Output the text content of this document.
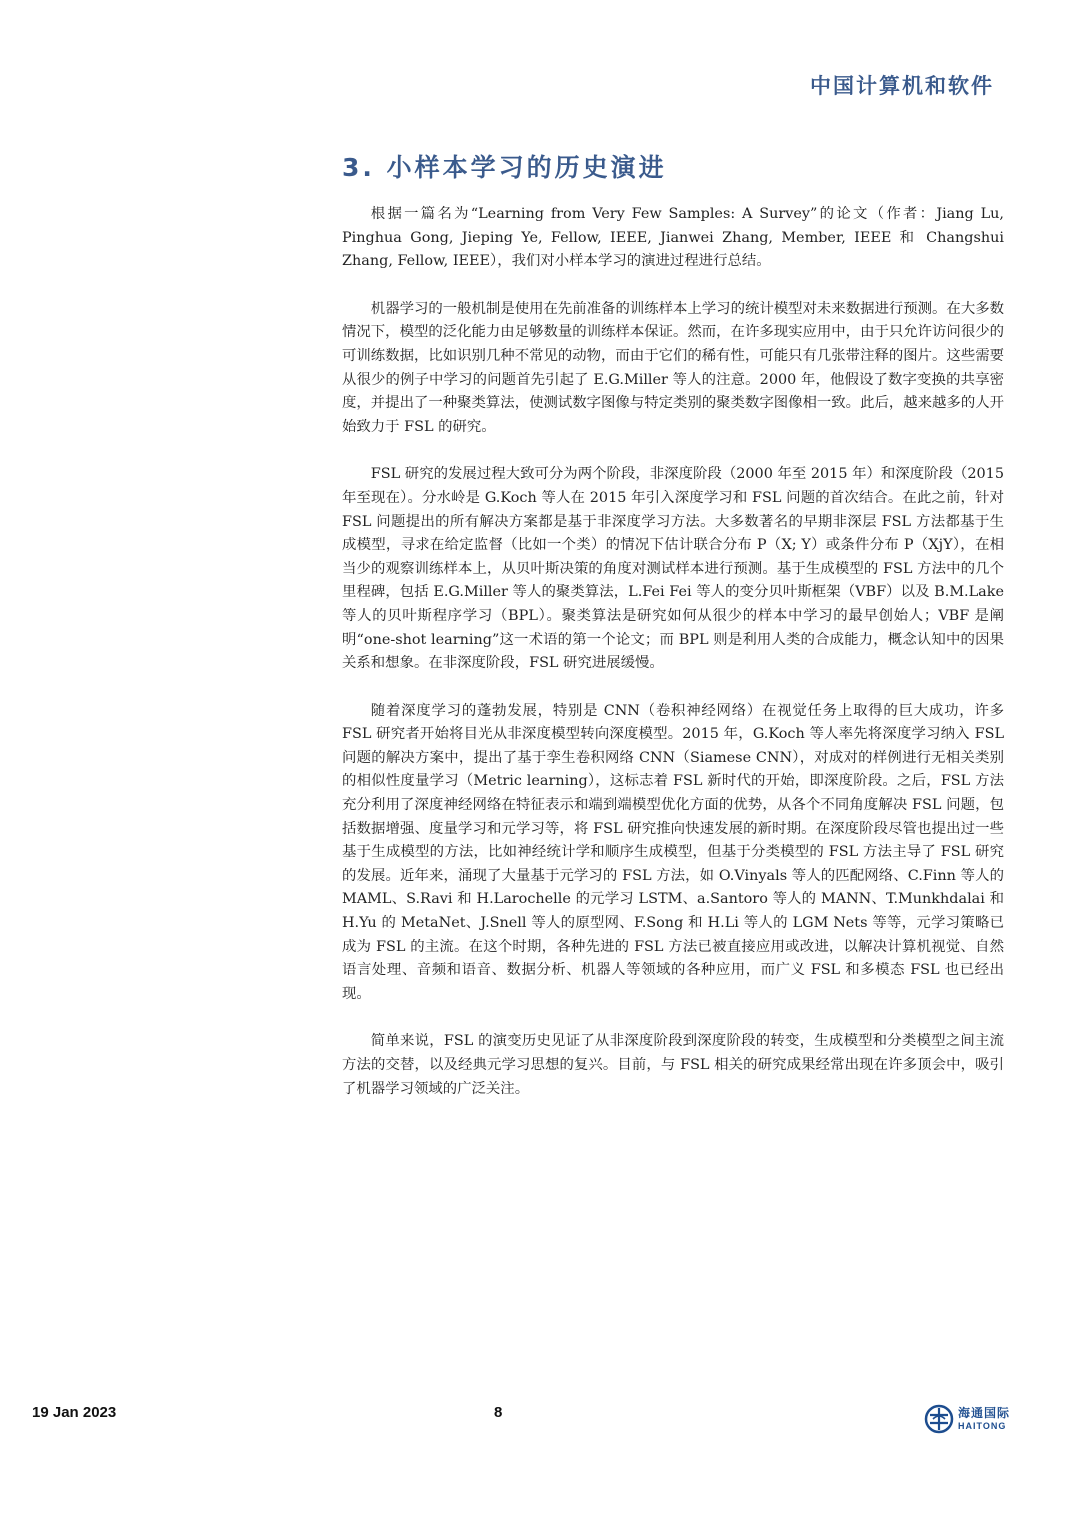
中国计算机和软件
3. 小样本学习的历史演进

根据一篇名为“Learning from Very Few Samples: A Survey”的论文（作者：Jiang Lu, Pinghua Gong, Jieping Ye, Fellow, IEEE, Jianwei Zhang, Member, IEEE 和 Changshui Zhang, Fellow, IEEE），我们对小样本学习的演进过程进行总结。

机器学习的一般机制是使用在先前准备的训练样本上学习的统计模型对未来数据进行预测。在大多数情况下，模型的泛化能力由足够数量的训练样本保证。然而，在许多现实应用中，由于只允许访问很少的可训练数据，比如识别几种不常见的动物，而由于它们的稀有性，可能只有几张带注释的图片。这些需要从很少的例子中学习的问题首先引起了 E.G.Miller 等人的注意。2000 年，他假设了数字变换的共享密度，并提出了一种聚类算法，使测试数字图像与特定类别的聚类数字图像相一致。此后，越来越多的人开始致力于 FSL 的研究。

FSL 研究的发展过程大致可分为两个阶段，非深度阶段（2000 年至 2015 年）和深度阶段（2015 年至现在）。分水岭是 G.Koch 等人在 2015 年引入深度学习和 FSL 问题的首次结合。在此之前，针对 FSL 问题提出的所有解决方案都是基于非深度学习方法。大多数著名的早期非深层 FSL 方法都基于生成模型，寻求在给定监督（比如一个类）的情况下估计联合分布 P（X; Y）或条件分布 P（XjY），在相当少的观察训练样本上，从贝叶斯决策的角度对测试样本进行预测。基于生成模型的 FSL 方法中的几个里程碑，包括 E.G.Miller 等人的聚类算法，L.Fei Fei 等人的变分贝叶斯框架（VBF）以及 B.M.Lake 等人的贝叶斯程序学习（BPL）。聚类算法是研究如何从很少的样本中学习的最早创始人；VBF 是阐明“one-shot learning”这一术语的第一个论文；而 BPL 则是利用人类的合成能力，概念认知中的因果关系和想象。在非深度阶段，FSL 研究进展缓慢。

随着深度学习的蓬勃发展，特别是 CNN（卷积神经网络）在视觉任务上取得的巨大成功，许多 FSL 研究者开始将目光从非深度模型转向深度模型。2015 年，G.Koch 等人率先将深度学习纳入 FSL 问题的解决方案中，提出了基于孪生卷积网络 CNN（Siamese CNN），对成对的样例进行无相关类别的相似性度量学习（Metric learning），这标志着 FSL 新时代的开始，即深度阶段。之后，FSL 方法充分利用了深度神经网络在特征表示和端到端模型优化方面的优势，从各个不同角度解决 FSL 问题，包括数据增强、度量学习和元学习等，将 FSL 研究推向快速发展的新时期。在深度阶段尽管也提出过一些基于生成模型的方法，比如神经统计学和顺序生成模型，但基于分类模型的 FSL 方法主导了 FSL 研究的发展。近年来，涌现了大量基于元学习的 FSL 方法，如 O.Vinyals 等人的匹配网络、C.Finn 等人的 MAML、S.Ravi 和 H.Larochelle 的元学习 LSTM、a.Santoro 等人的 MANN、T.Munkhdalai 和 H.Yu 的 MetaNet、J.Snell 等人的原型网、F.Song 和 H.Li 等人的 LGM Nets 等等，元学习策略已成为 FSL 的主流。在这个时期，各种先进的 FSL 方法已被直接应用或改进，以解决计算机视觉、自然语言处理、音频和语音、数据分析、机器人等领域的各种应用，而广义 FSL 和多模态 FSL 也已经出现。

简单来说，FSL 的演变历史见证了从非深度阶段到深度阶段的转变，生成模型和分类模型之间主流方法的交替，以及经典元学习思想的复兴。目前，与 FSL 相关的研究成果经常出现在许多顶会中，吸引了机器学习领域的广泛关注。

19 Jan 2023	8	海通国际
HAITONG
